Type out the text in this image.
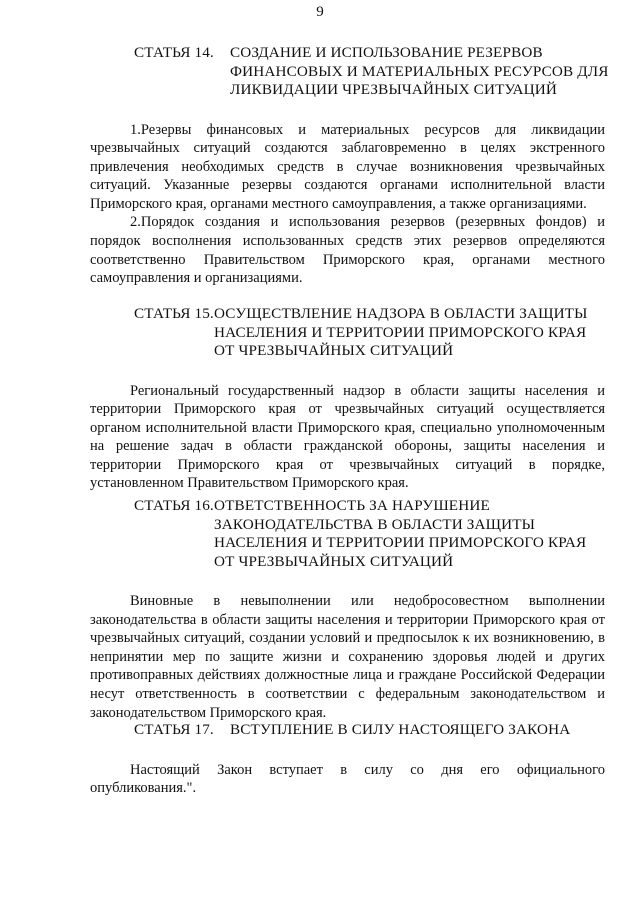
9
СТАТЬЯ 14. СОЗДАНИЕ И ИСПОЛЬЗОВАНИЕ РЕЗЕРВОВ
ФИНАНСОВЫХ И МАТЕРИАЛЬНЫХ РЕСУРСОВ ДЛЯ
ЛИКВИДАЦИИ ЧРЕЗВЫЧАЙНЫХ СИТУАЦИЙ

1.Резервы финансовых и материальных ресурсов для ликвидации чрезвычайных ситуаций создаются заблаговременно в целях экстренного привлечения необходимых средств в случае возникновения чрезвычайных ситуаций. Указанные резервы создаются органами исполнительной власти Приморского края, органами местного самоуправления, а также организациями.

2.Порядок создания и использования резервов (резервных фондов) и порядок восполнения использованных средств этих резервов определяются соответственно Правительством Приморского края, органами местного самоуправления и организациями.

СТАТЬЯ 15. ОСУЩЕСТВЛЕНИЕ НАДЗОРА В ОБЛАСТИ ЗАЩИТЫ
НАСЕЛЕНИЯ И ТЕРРИТОРИИ ПРИМОРСКОГО КРАЯ
ОТ ЧРЕЗВЫЧАЙНЫХ СИТУАЦИЙ

Региональный государственный надзор в области защиты населения и территории Приморского края от чрезвычайных ситуаций осуществляется органом исполнительной власти Приморского края, специально уполномоченным на решение задач в области гражданской обороны, защиты населения и территории Приморского края от чрезвычайных ситуаций в порядке, установленном Правительством Приморского края.

СТАТЬЯ 16. ОТВЕТСТВЕННОСТЬ ЗА НАРУШЕНИЕ
ЗАКОНОДАТЕЛЬСТВА В ОБЛАСТИ ЗАЩИТЫ
НАСЕЛЕНИЯ И ТЕРРИТОРИИ ПРИМОРСКОГО КРАЯ
ОТ ЧРЕЗВЫЧАЙНЫХ СИТУАЦИЙ

Виновные в невыполнении или недобросовестном выполнении законодательства в области защиты населения и территории Приморского края от чрезвычайных ситуаций, создании условий и предпосылок к их возникновению, в непринятии мер по защите жизни и сохранению здоровья людей и других противоправных действиях должностные лица и граждане Российской Федерации несут ответственность в соответствии с федеральным законодательством и законодательством Приморского края.

СТАТЬЯ 17. ВСТУПЛЕНИЕ В СИЛУ НАСТОЯЩЕГО ЗАКОНА

Настоящий Закон вступает в силу со дня его официального опубликования.".
